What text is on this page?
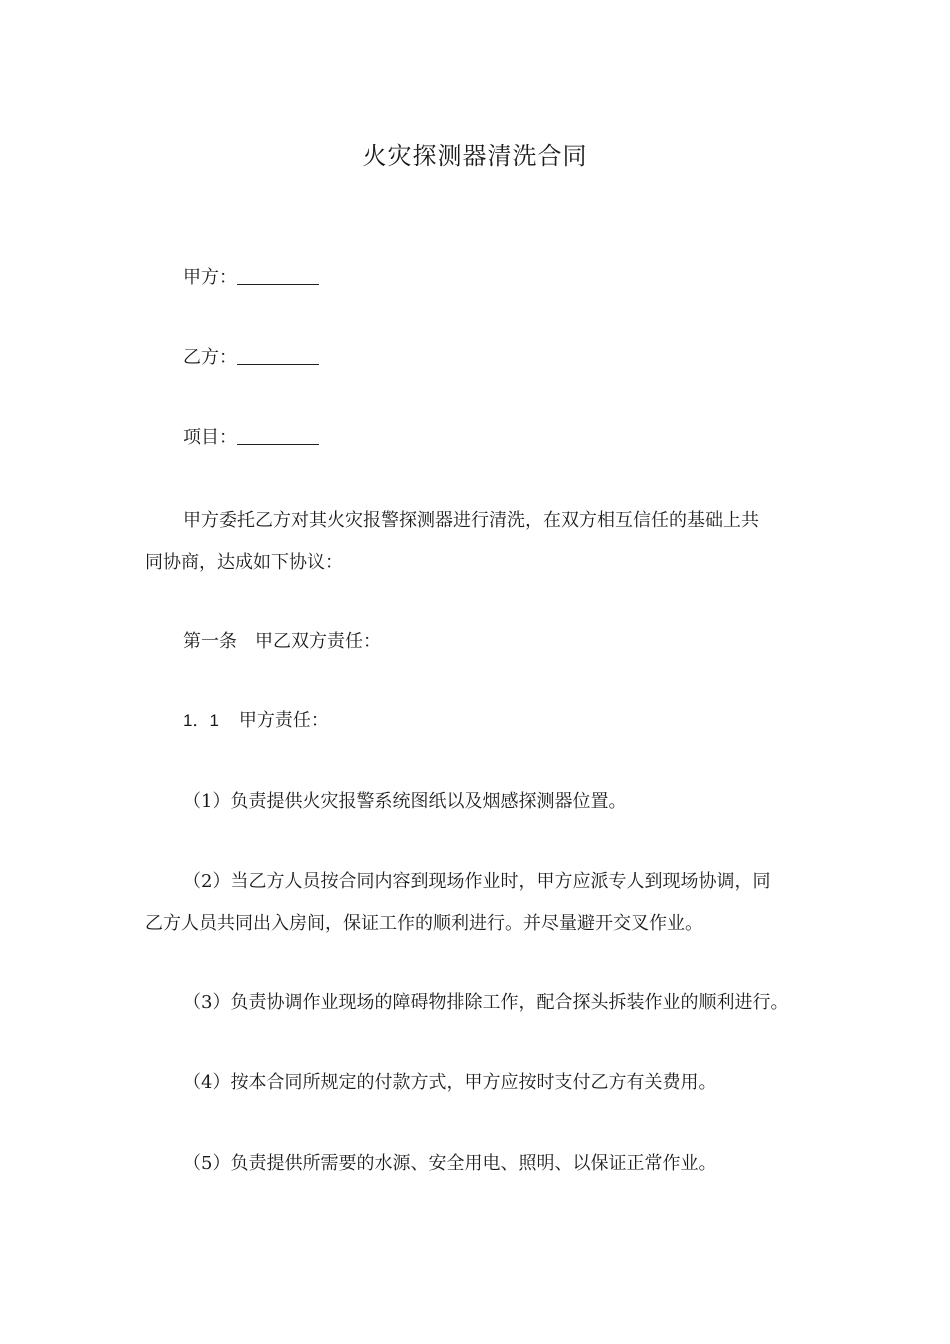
火灾探测器清洗合同
甲方：
乙方：
项目：
甲方委托乙方对其火灾报警探测器进行清洗，在双方相互信任的基础上共
同协商，达成如下协议：
第一条　甲乙双方责任：
1．1 甲方责任：
（1）负责提供火灾报警系统图纸以及烟感探测器位置。
（2）当乙方人员按合同内容到现场作业时，甲方应派专人到现场协调，同
乙方人员共同出入房间，保证工作的顺利进行。并尽量避开交叉作业。
（3）负责协调作业现场的障碍物排除工作，配合探头拆装作业的顺利进行。
（4）按本合同所规定的付款方式，甲方应按时支付乙方有关费用。
（5）负责提供所需要的水源、安全用电、照明、以保证正常作业。
